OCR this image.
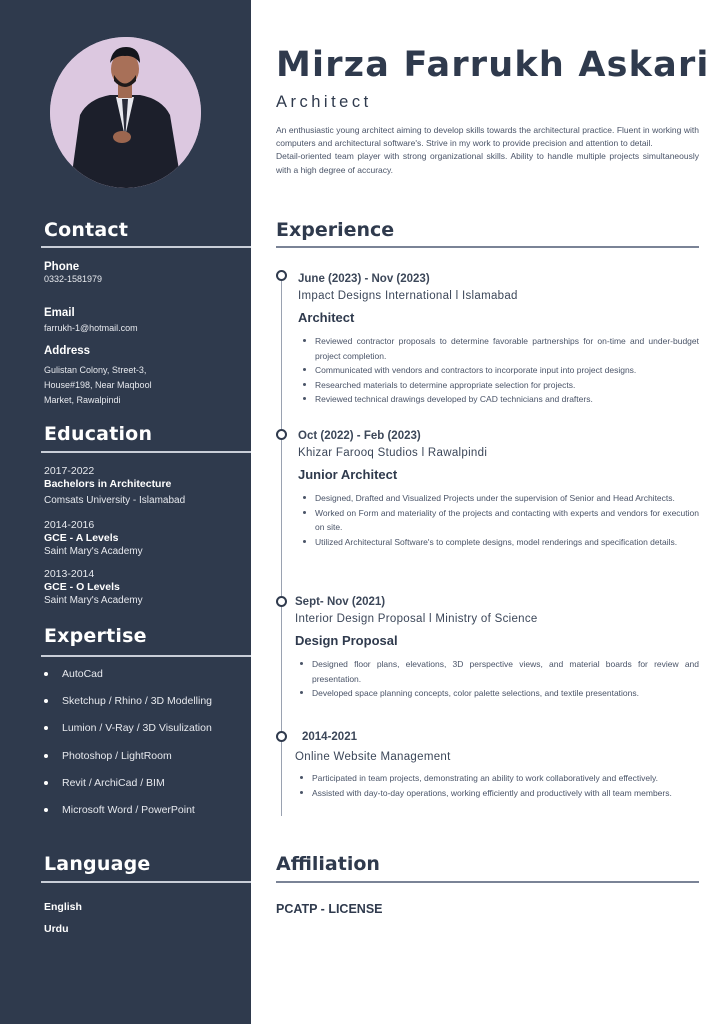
Contact
Phone
0332-1581979
Email
farrukh-1@hotmail.com
Address
Gulistan Colony, Street-3, House#198, Near Maqbool Market, Rawalpindi
Education
2017-2022
Bachelors in Architecture
Comsats University - Islamabad
2014-2016
GCE - A Levels
Saint Mary's Academy
2013-2014
GCE - O Levels
Saint Mary's Academy
Expertise
AutoCad
Sketchup / Rhino / 3D Modelling
Lumion / V-Ray / 3D Visulization
Photoshop / LightRoom
Revit / ArchiCad / BIM
Microsoft Word / PowerPoint
Language
English
Urdu
Mirza Farrukh Askari
Architect

An enthusiastic young architect aiming to develop skills towards the architectural practice. Fluent in working with computers and architectural software's. Strive in my work to provide precision and attention to detail.

Detail-oriented team player with strong organizational skills. Ability to handle multiple projects simultaneously with a high degree of accuracy.

Experience
June (2023) - Nov (2023)
Impact Designs International l Islamabad
Architect
Reviewed contractor proposals to determine favorable partnerships for on-time and under-budget project completion.
Communicated with vendors and contractors to incorporate input into project designs.
Researched materials to determine appropriate selection for projects.
Reviewed technical drawings developed by CAD technicians and drafters.
Oct (2022) - Feb (2023)
Khizar Farooq Studios l Rawalpindi
Junior Architect
Designed, Drafted and Visualized Projects under the supervision of Senior and Head Architects.
Worked on Form and materiality of the projects and contacting with experts and vendors for execution on site.
Utilized Architectural Software's to complete designs, model renderings and specification details.
Sept- Nov (2021)
Interior Design Proposal l Ministry of Science
Design Proposal
Designed floor plans, elevations, 3D perspective views, and material boards for review and presentation.
Developed space planning concepts, color palette selections, and textile presentations.
2014-2021
Online Website Management
Participated in team projects, demonstrating an ability to work collaboratively and effectively.
Assisted with day-to-day operations, working efficiently and productively with all team members.
Affiliation
PCATP - LICENSE
